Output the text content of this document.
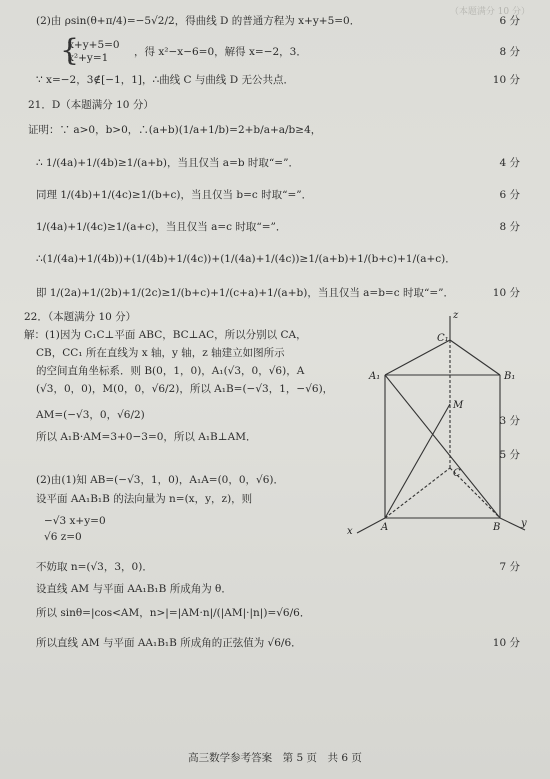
（本题满分 10 分）
(2)由 ρsin(θ+π/4)=−5√2/2，得曲线 D 的普通方程为 x+y+5=0．	6 分
x+y+5=0
x²+y=1	，得 x²−x−6=0，解得 x=−2，3．	8 分
∵ x=−2，3∉[−1，1]，∴曲线 C 与曲线 D 无公共点．	10 分
21．D（本题满分 10 分）
证明：∵ a>0，b>0，∴(a+b)(1/a+1/b)=2+b/a+a/b≥4，
∴ 1/(4a)+1/(4b)≥1/(a+b)，当且仅当 a=b 时取“=”．	4 分
同理 1/(4b)+1/(4c)≥1/(b+c)，当且仅当 b=c 时取“=”．	6 分
1/(4a)+1/(4c)≥1/(a+c)，当且仅当 a=c 时取“=”．	8 分
∴(1/(4a)+1/(4b))+(1/(4b)+1/(4c))+(1/(4a)+1/(4c))≥1/(a+b)+1/(b+c)+1/(a+c)．
即 1/(2a)+1/(2b)+1/(2c)≥1/(b+c)+1/(c+a)+1/(a+b)，当且仅当 a=b=c 时取“=”．	10 分
22．（本题满分 10 分）
解：(1)因为 C₁C⊥平面 ABC，BC⊥AC，所以分别以 CA，
CB，CC₁ 所在直线为 x 轴，y 轴，z 轴建立如图所示
的空间直角坐标系．则 B(0，1，0)，A₁(√3，0，√6)，A
(√3，0，0)，M(0，0，√6/2)，所以 A₁B=(−√3，1，−√6)，
AM=(−√3，0，√6/2)
所以 A₁B·AM=3+0−3=0，所以 A₁B⊥AM．
(2)由(1)知 AB=(−√3，1，0)，A₁A=(0，0，√6)．
设平面 AA₁B₁B 的法向量为 n=(x，y，z)，则
−√3 x+y=0
√6 z=0
不妨取 n=(√3，3，0)．	7 分
设直线 AM 与平面 AA₁B₁B 所成角为 θ．
所以 sinθ=|cos<AM，n>|=|AM·n|/(|AM|·|n|)=√6/6．
所以直线 AM 与平面 AA₁B₁B 所成角的正弦值为 √6/6．	10 分
{
3 分
5 分
z
C₁
A₁	B₁
M
C
A	B
x
y
高三数学参考答案　第 5 页　共 6 页
